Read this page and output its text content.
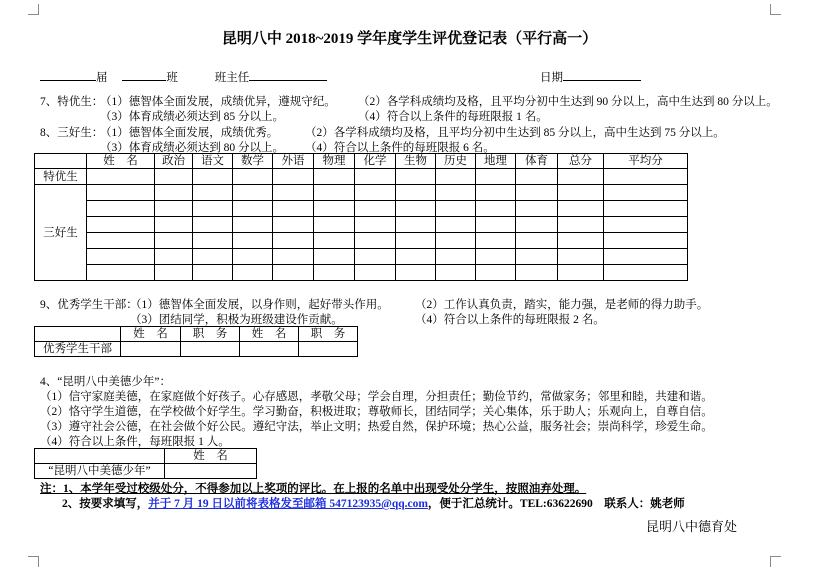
昆明八中 2018~2019 学年度学生评优登记表（平行高一）
届	班	班主任	日期
7、特优生：
（1）德智体全面发展，成绩优异，遵规守纪。 （2）各学科成绩均及格，且平均分初中生达到 90 分以上，高中生达到 80 分以上。
（3）体育成绩必须达到 85 分以上。	（4）符合以上条件的每班限报 1 名。
8、三好生：
（1）德智体全面发展，成绩优秀。 （2）各学科成绩均及格，且平均分初中生达到 85 分以上，高中生达到 75 分以上。
（3）体育成绩必须达到 80 分以上。 （4）符合以上条件的每班限报 6 名。
	姓　名	政治	语文	数学	外语	物理	化学	生物	历史	地理	体育	总分	平均分
特优生													
三好生													

9、优秀学生干部：
（1）德智体全面发展，以身作则，起好带头作用。 （2）工作认真负责，踏实，能力强，是老师的得力助手。
（3）团结同学，积极为班级建设作贡献。	（4）符合以上条件的每班限报 2 名。
	姓　名	职　务	姓　名	职　务
优秀学生干部				
4、“昆明八中美德少年”：
（1）信守家庭美德，在家庭做个好孩子。心存感恩，孝敬父母；学会自理，分担责任；勤俭节约，常做家务；邻里和睦，共建和谐。
（2）恪守学生道德，在学校做个好学生。学习勤奋，积极进取；尊敬师长，团结同学；关心集体，乐于助人；乐观向上，自尊自信。
（3）遵守社会公德，在社会做个好公民。遵纪守法，举止文明；热爱自然，保护环境；热心公益，服务社会；崇尚科学，珍爱生命。
（4）符合以上条件，每班限报 1 人。
	姓　名
“昆明八中美德少年”	
注：1、本学年受过校级处分，不得参加以上奖项的评比。在上报的名单中出现受处分学生，按照油弃处理。
2、按要求填写，并于 7 月 19 日以前将表格发至邮箱 547123935@qq.com，便于汇总统计。TEL:63622690　联系人：姚老师
昆明八中德育处
